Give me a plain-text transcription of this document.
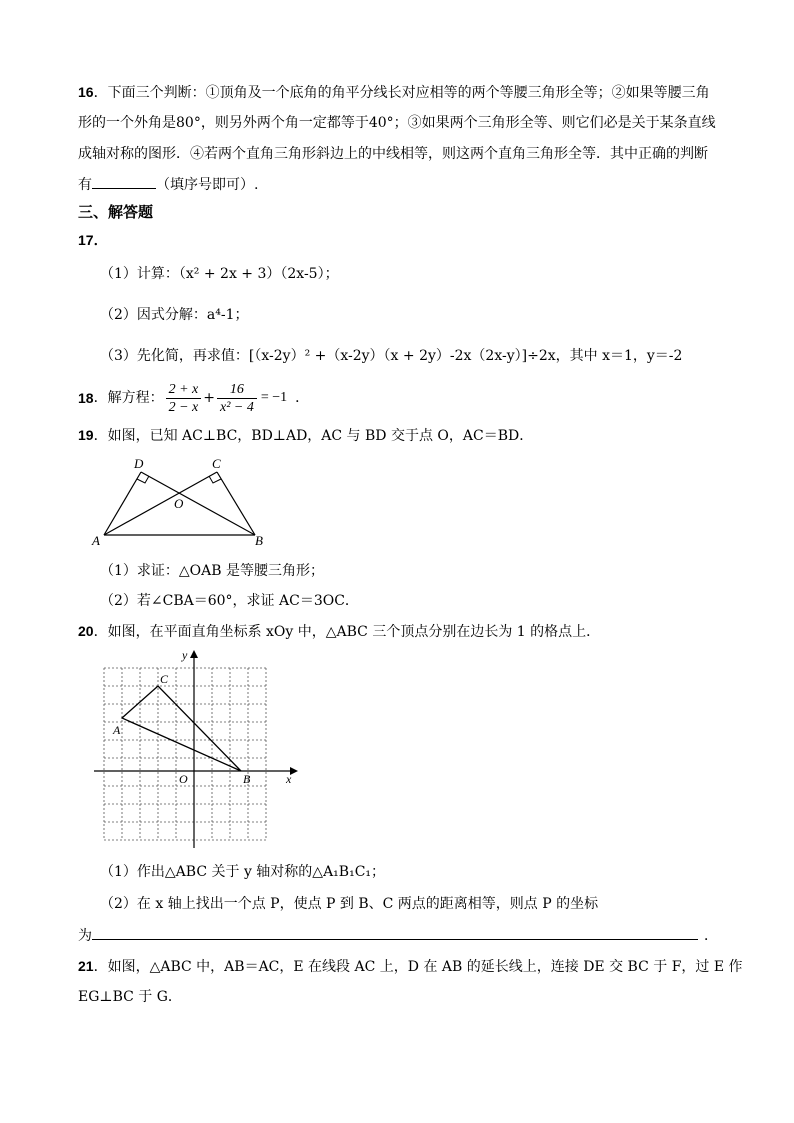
16．下面三个判断：①顶角及一个底角的角平分线长对应相等的两个等腰三角形全等；②如果等腰三角
形的一个外角是80°，则另外两个角一定都等于40°；③如果两个三角形全等、则它们必是关于某条直线
成轴对称的图形．④若两个直角三角形斜边上的中线相等，则这两个直角三角形全等．其中正确的判断
有	（填序号即可）.
三、解答题
17．
（1）计算：（x² + 2x + 3）（2x-5）；
（2）因式分解：a⁴-1；
（3）先化简，再求值：[（x-2y）² +（x-2y）（x + 2y）-2x（2x-y）]÷2x，其中 x＝1，y＝-2
18 ．解方程： $\frac{2 + x}{2 - x} + \frac{16}{\text{x² − 4}} = -1$ ．
19．如图，已知 AC⊥BC，BD⊥AD，AC 与 BD 交于点 O，AC＝BD．
D	C
O
A	B
（1）求证：△OAB 是等腰三角形；
（2）若∠CBA＝60°，求证 AC＝3OC．
20．如图，在平面直角坐标系 xOy 中，△ABC 三个顶点分别在边长为 1 的格点上．
x
y
O	B
C
A
（1）作出△ABC 关于 y 轴对称的△A₁B₁C₁；
（2）在 x 轴上找出一个点 P，使点 P 到 B、C 两点的距离相等，则点 P 的坐标
为	．
21．如图，△ABC 中，AB＝AC，E 在线段 AC 上，D 在 AB 的延长线上，连接 DE 交 BC 于 F，过 E 作
EG⊥BC 于 G．
